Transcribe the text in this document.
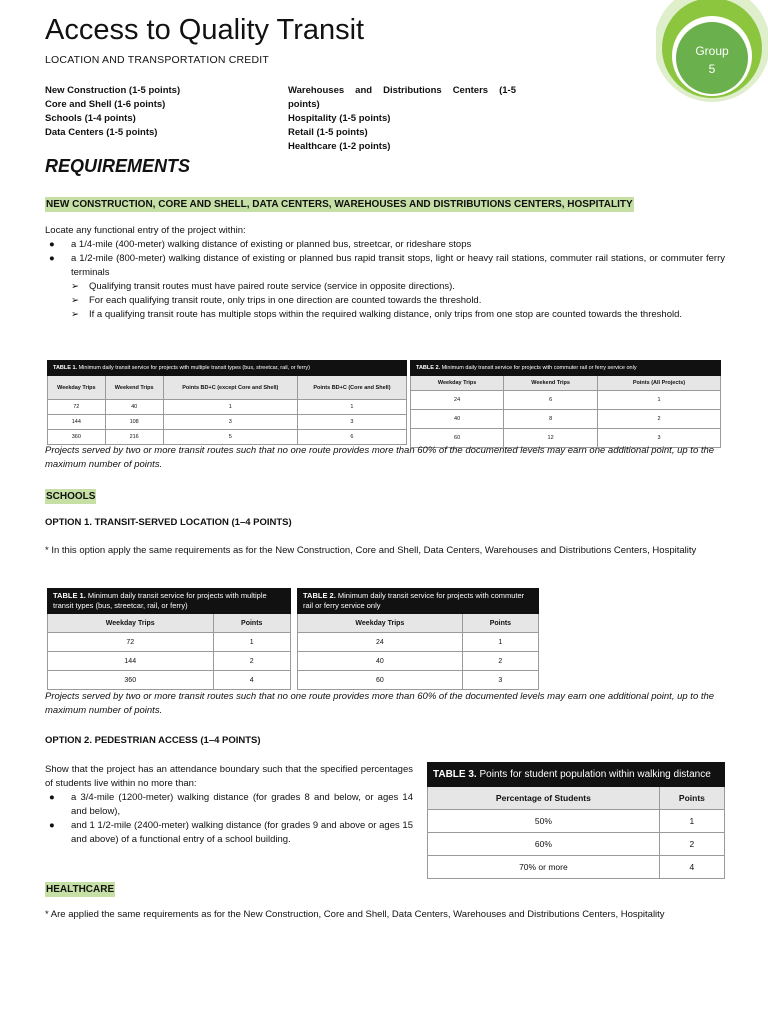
Access to Quality Transit
LOCATION AND TRANSPORTATION CREDIT
Group
5
New Construction (1-5 points)
Core and Shell (1-6 points)
Schools (1-4 points)
Data Centers (1-5 points)
Warehouses and Distributions Centers (1-5 points)
Hospitality (1-5 points)
Retail (1-5 points)
Healthcare (1-2 points)
REQUIREMENTS
NEW CONSTRUCTION, CORE AND SHELL, DATA CENTERS, WAREHOUSES AND DISTRIBUTIONS CENTERS, HOSPITALITY
Locate any functional entry of the project within:
●	a 1/4-mile (400-meter) walking distance of existing or planned bus, streetcar, or rideshare stops
●	a 1/2-mile (800-meter) walking distance of existing or planned bus rapid transit stops, light or heavy rail stations, commuter rail stations, or commuter ferry terminals
➢	Qualifying transit routes must have paired route service (service in opposite directions).
➢	For each qualifying transit route, only trips in one direction are counted towards the threshold.
➢	If a qualifying transit route has multiple stops within the required walking distance, only trips from one stop are counted towards the threshold.
TABLE 1. Minimum daily transit service for projects with multiple transit types (bus, streetcar, rail, or ferry)			
Weekday Trips	Weekend Trips	Points BD+C (except Core and Shell)	Points BD+C (Core and Shell)
72	40	1	1
144	108	3	3
360	216	5	6
TABLE 2. Minimum daily transit service for projects with commuter rail or ferry service only		
Weekday Trips	Weekend Trips	Points (All Projects)
24	6	1
40	8	2
60	12	3
Projects served by two or more transit routes such that no one route provides more than 60% of the documented levels may earn one additional point, up to the maximum number of points.
SCHOOLS
OPTION 1. TRANSIT-SERVED LOCATION (1–4 POINTS)
* In this option apply the same requirements as for the New Construction, Core and Shell, Data Centers, Warehouses and Distributions Centers, Hospitality
TABLE 1. Minimum daily transit service for projects with multiple transit types (bus, streetcar, rail, or ferry)	
Weekday Trips	Points
72	1
144	2
360	4
TABLE 2. Minimum daily transit service for projects with commuter rail or ferry service only	
Weekday Trips	Points
24	1
40	2
60	3
Projects served by two or more transit routes such that no one route provides more than 60% of the documented levels may earn one additional point, up to the maximum number of points.
OPTION 2. PEDESTRIAN ACCESS (1–4 POINTS)
Show that the project has an attendance boundary such that the specified percentages of students live within no more than:
●	a 3/4-mile (1200-meter) walking distance (for grades 8 and below, or ages 14 and below),
●	and 1 1/2-mile (2400-meter) walking distance (for grades 9 and above or ages 15 and above) of a functional entry of a school building.
TABLE 3. Points for student population within walking distance	
Percentage of Students	Points
50%	1
60%	2
70% or more	4
HEALTHCARE
* Are applied the same requirements as for the New Construction, Core and Shell, Data Centers, Warehouses and Distributions Centers, Hospitality
